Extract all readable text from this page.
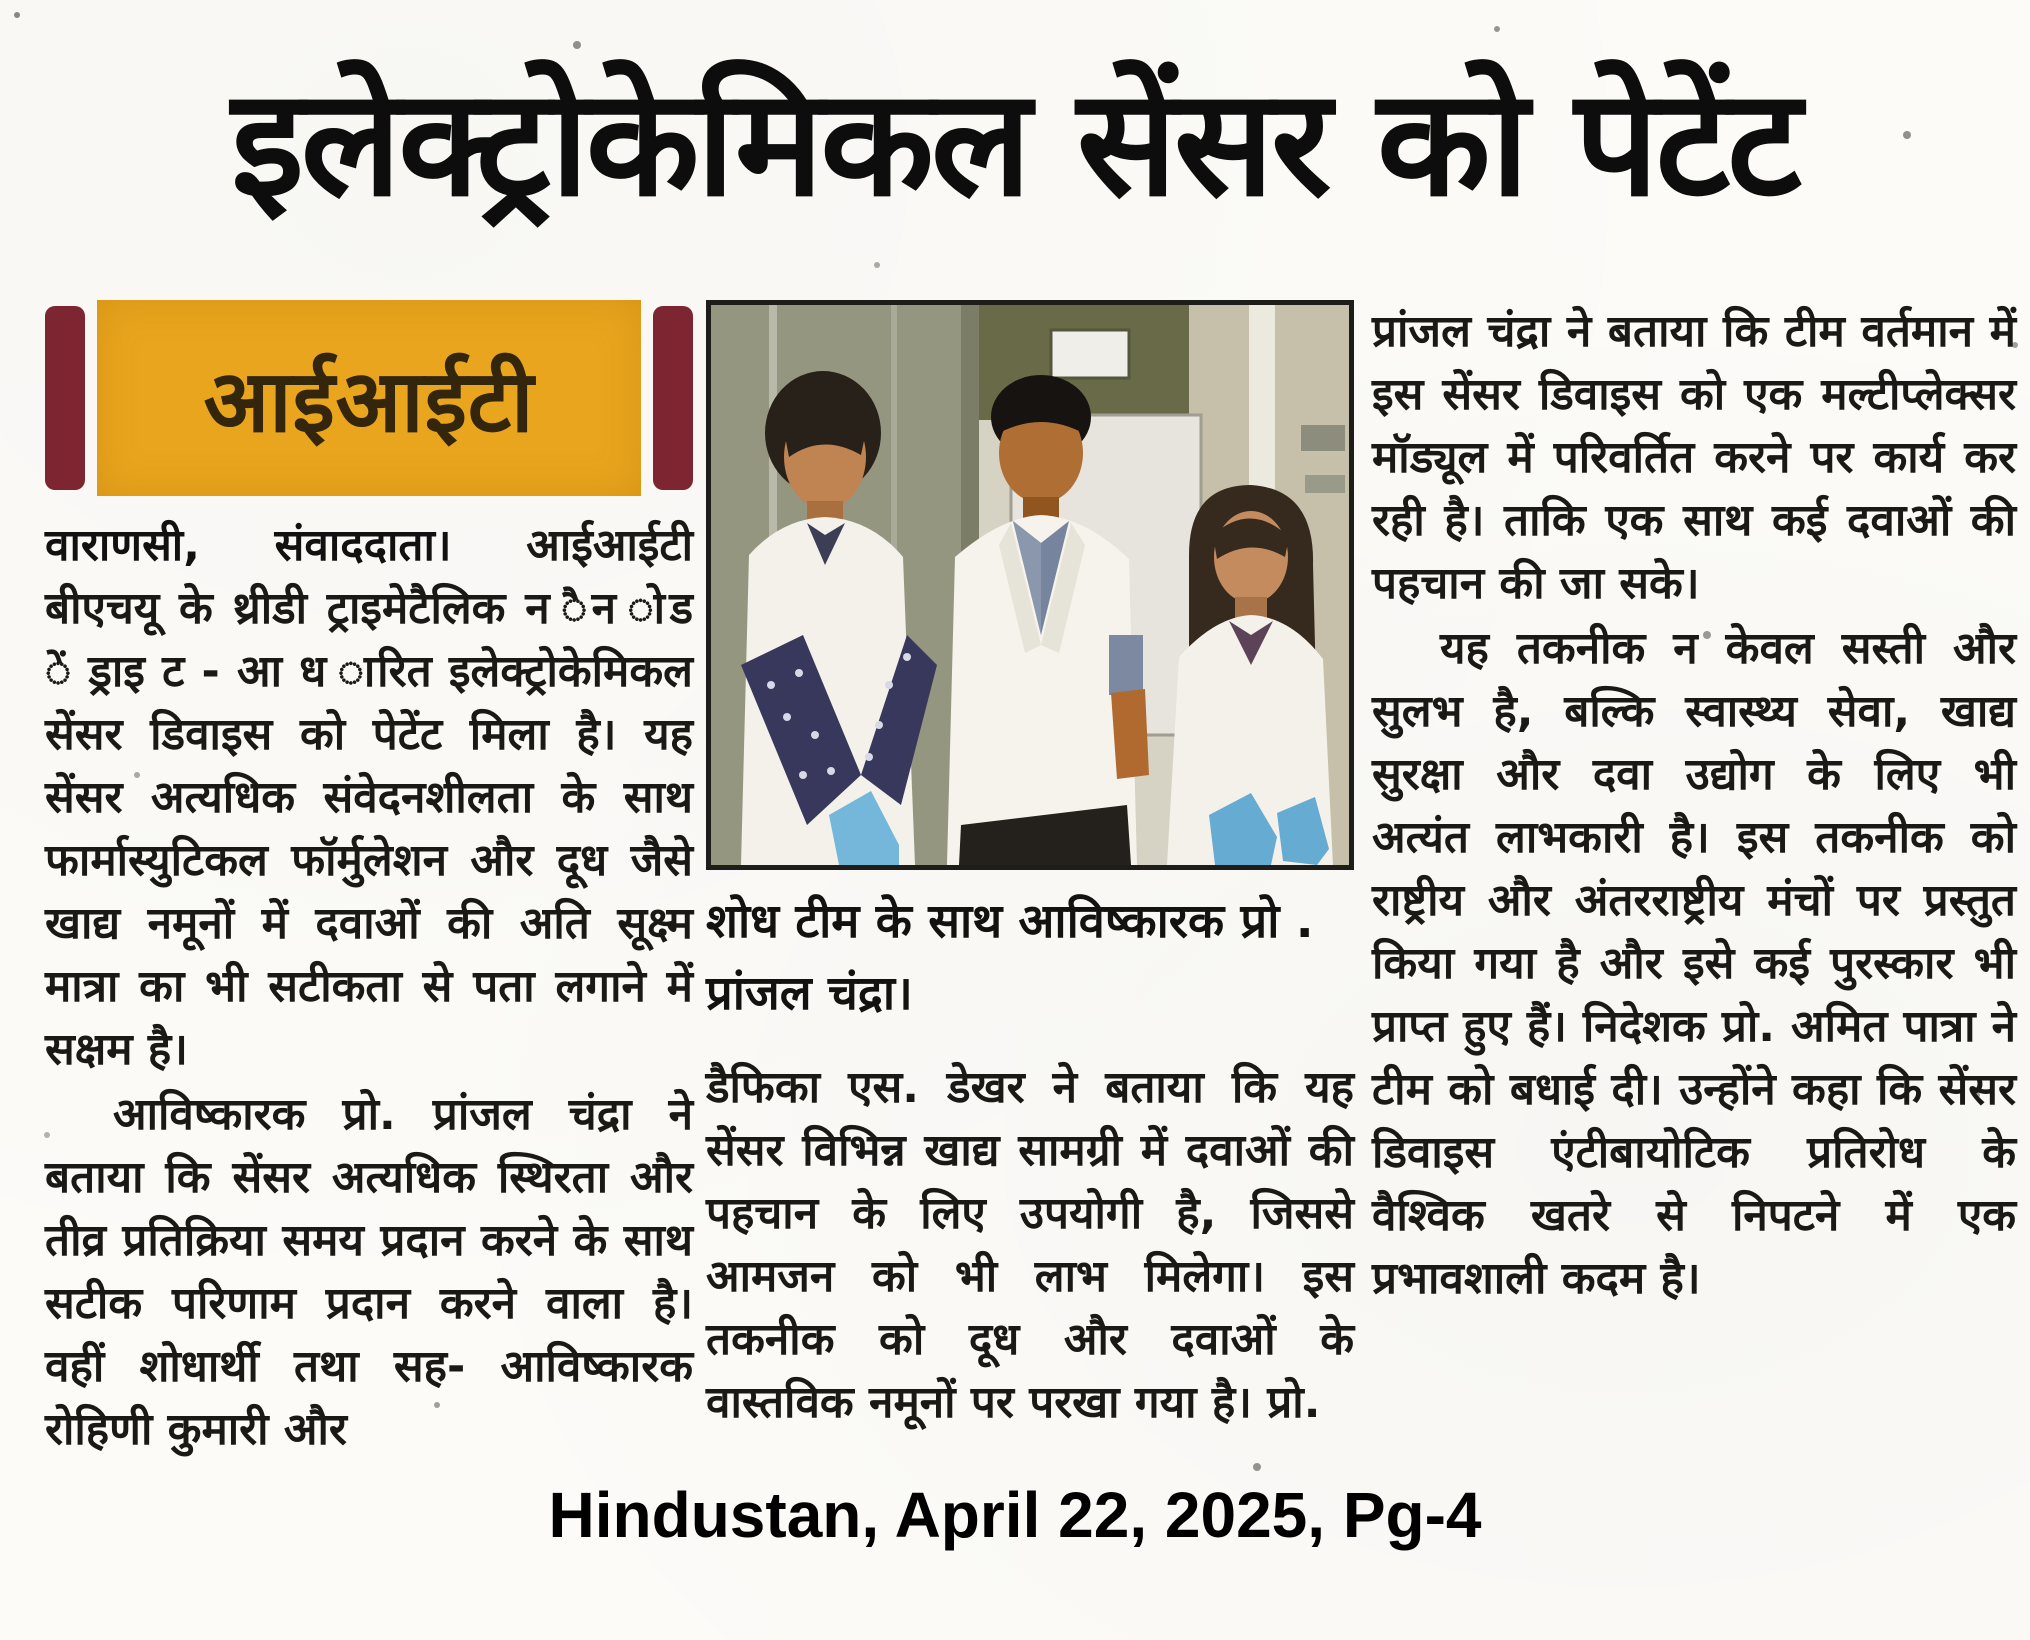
इलेक्ट्रोकेमिकल सेंसर को पेटेंट
आईआईटी

वाराणसी, संवाददाता। आईआईटी बीएचयू के थ्रीडी ट्राइमेटैलिक न ैन ोड ें ड्राइ ट - आ ध ारित इलेक्ट्रोकेमिकल सेंसर डिवाइस को पेटेंट मिला है। यह सेंसर अत्यधिक संवेदनशीलता के साथ फार्मास्युटिकल फॉर्मुलेशन और दूध जैसे खाद्य नमूनों में दवाओं की अति सूक्ष्म मात्रा का भी सटीकता से पता लगाने में सक्षम है।

आविष्कारक प्रो. प्रांजल चंद्रा ने बताया कि सेंसर अत्यधिक स्थिरता और तीव्र प्रतिक्रिया समय प्रदान करने के साथ सटीक परिणाम प्रदान करने वाला है। वहीं शोधार्थी तथा सह- आविष्कारक रोहिणी कुमारी और

शोध टीम के साथ आविष्कारक प्रो . प्रांजल चंद्रा।

डैफिका एस. डेखर ने बताया कि यह सेंसर विभिन्न खाद्य सामग्री में दवाओं की पहचान के लिए उपयोगी है, जिससे आमजन को भी लाभ मिलेगा। इस तकनीक को दूध और दवाओं के वास्तविक नमूनों पर परखा गया है। प्रो.

प्रांजल चंद्रा ने बताया कि टीम वर्तमान में इस सेंसर डिवाइस को एक मल्टीप्लेक्सर मॉड्यूल में परिवर्तित करने पर कार्य कर रही है। ताकि एक साथ कई दवाओं की पहचान की जा सके।

यह तकनीक न केवल सस्ती और सुलभ है, बल्कि स्वास्थ्य सेवा, खाद्य सुरक्षा और दवा उद्योग के लिए भी अत्यंत लाभकारी है। इस तकनीक को राष्ट्रीय और अंतरराष्ट्रीय मंचों पर प्रस्तुत किया गया है और इसे कई पुरस्कार भी प्राप्त हुए हैं। निदेशक प्रो. अमित पात्रा ने टीम को बधाई दी। उन्होंने कहा कि सेंसर डिवाइस एंटीबायोटिक प्रतिरोध के वैश्विक खतरे से निपटने में एक प्रभावशाली कदम है।

Hindustan, April 22, 2025, Pg-4
